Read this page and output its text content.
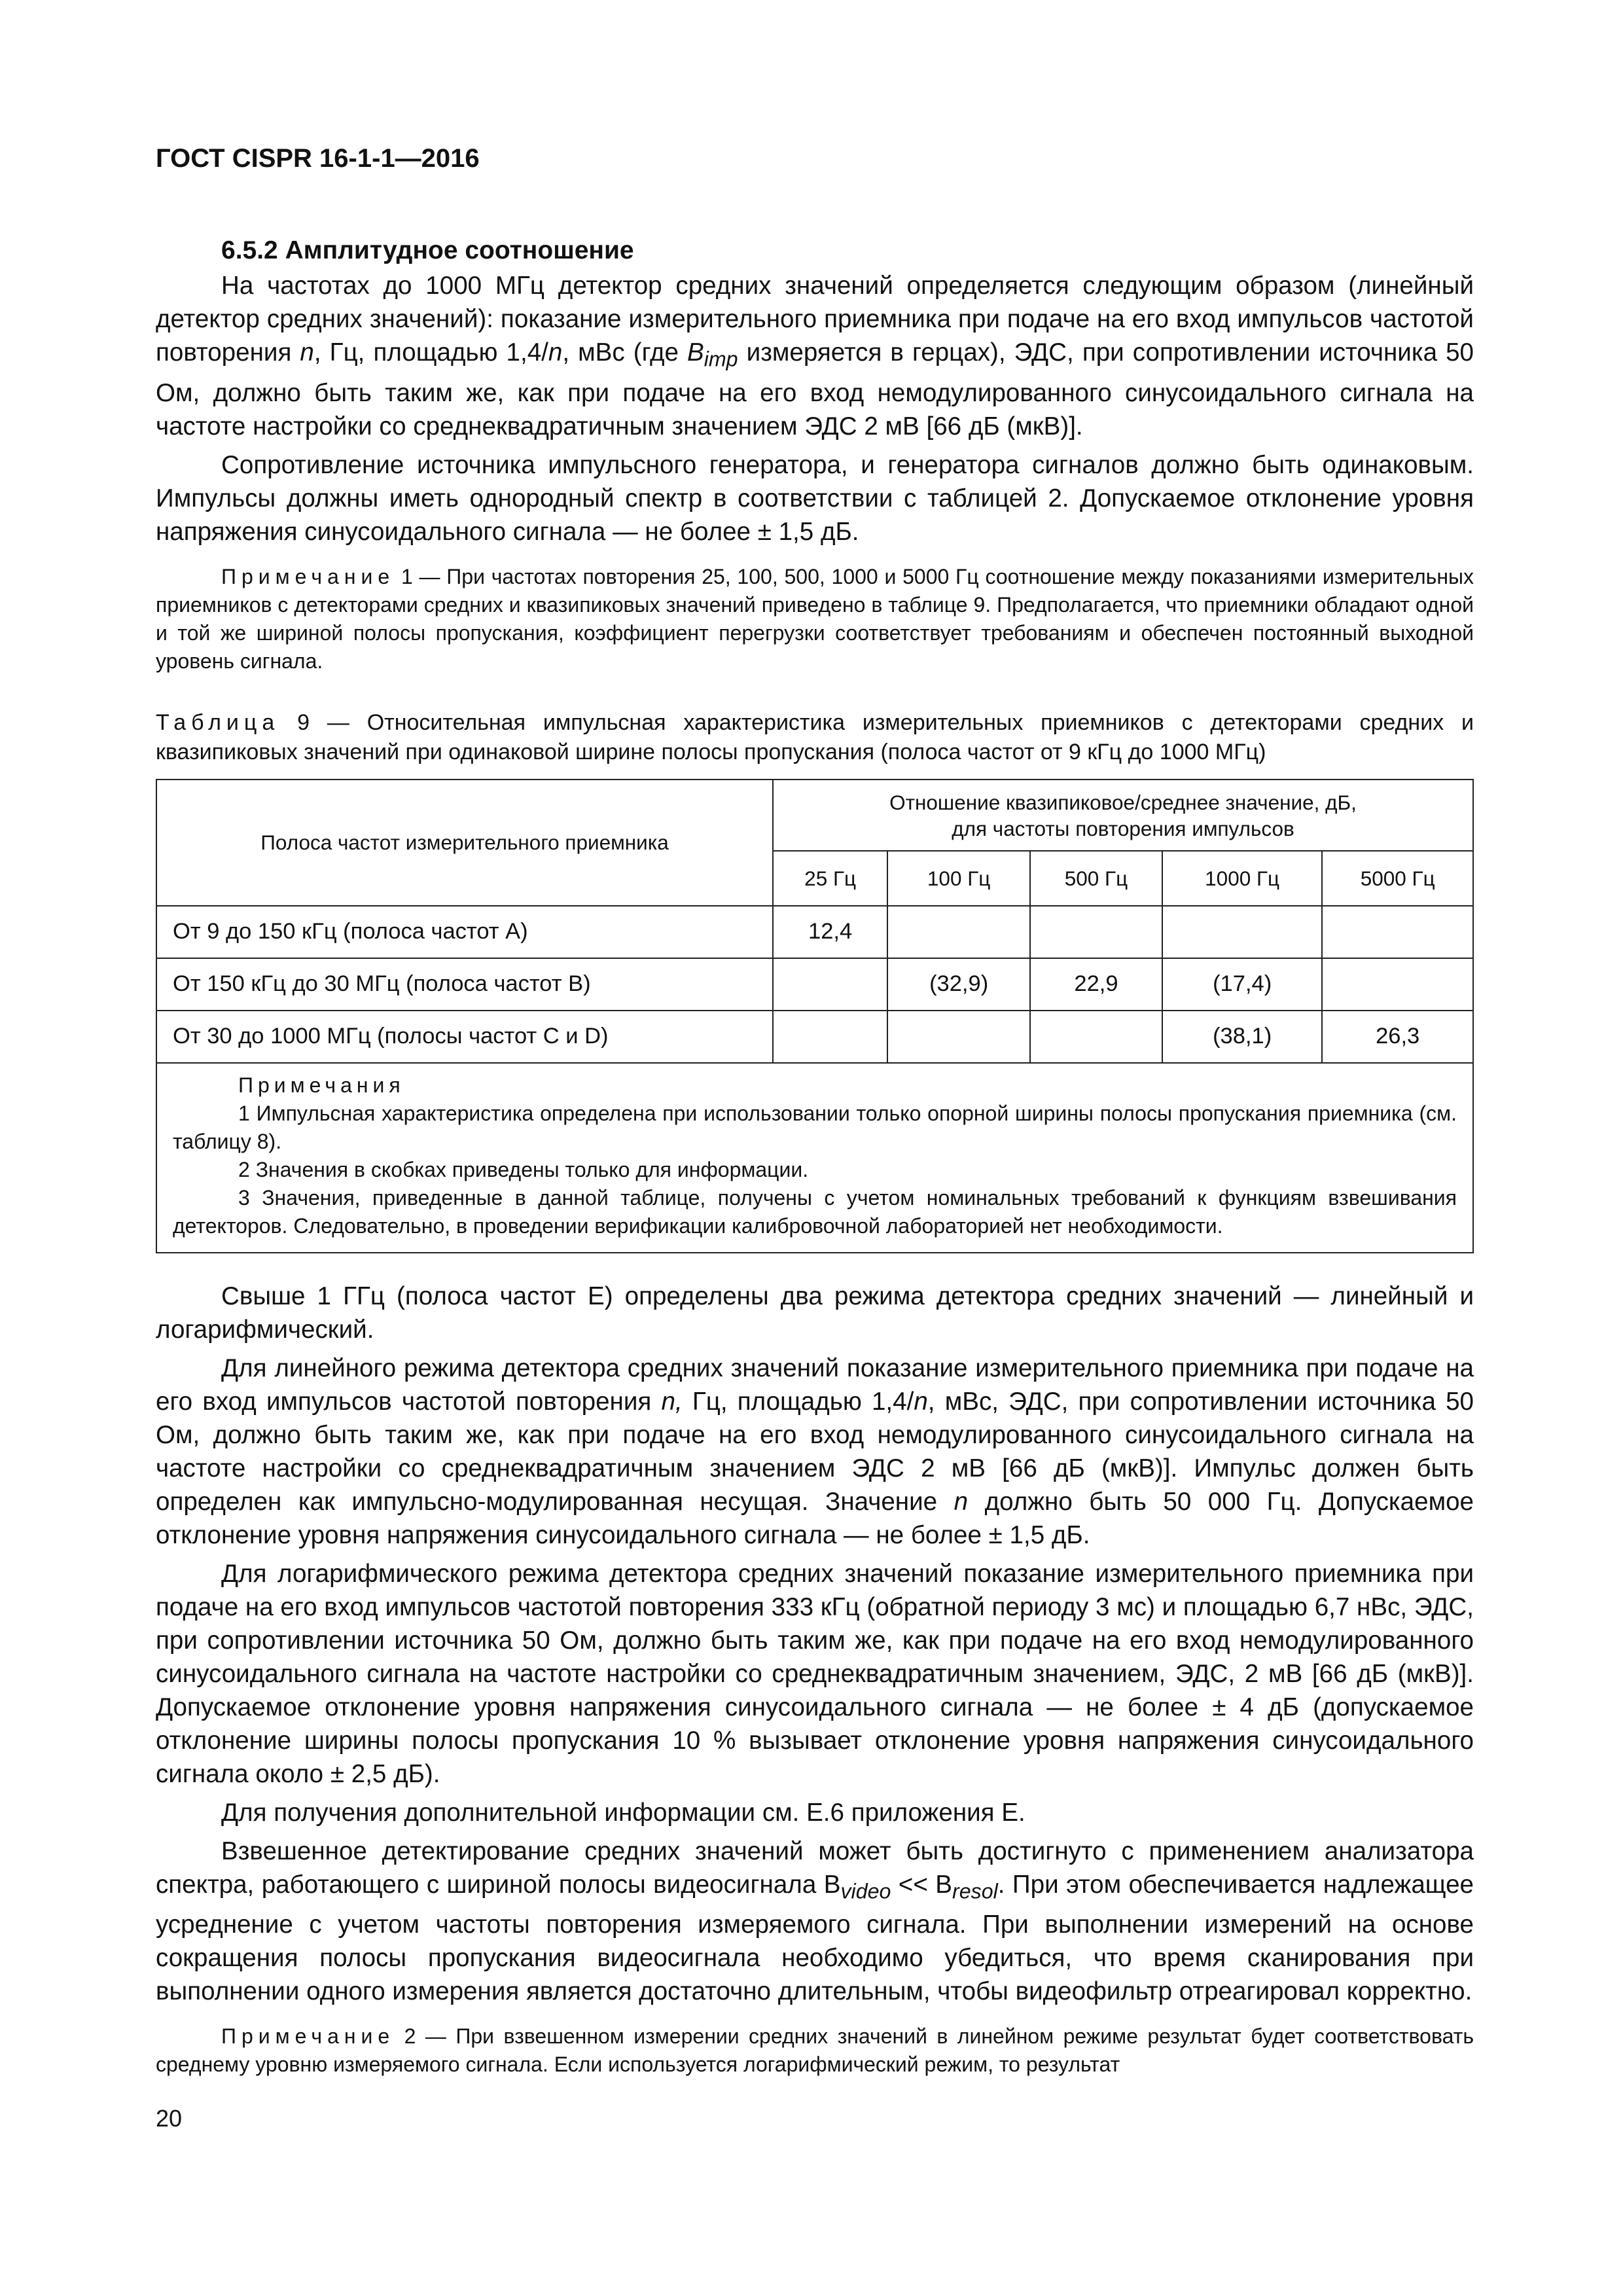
ГОСТ CISPR 16-1-1—2016
6.5.2 Амплитудное соотношение

На частотах до 1000 МГц детектор средних значений определяется следующим образом (линейный детектор средних значений): показание измерительного приемника при подаче на его вход импульсов частотой повторения n, Гц, площадью 1,4/n, мВс (где $B_{imp}$ измеряется в герцах), ЭДС, при сопротивлении источника 50 Ом, должно быть таким же, как при подаче на его вход немодулированного синусоидального сигнала на частоте настройки со среднеквадратичным значением ЭДС 2 мВ [66 дБ (мкВ)].

Сопротивление источника импульсного генератора, и генератора сигналов должно быть одинаковым. Импульсы должны иметь однородный спектр в соответствии с таблицей 2. Допускаемое отклонение уровня напряжения синусоидального сигнала — не более ± 1,5 дБ.

Примечание 1 — При частотах повторения 25, 100, 500, 1000 и 5000 Гц соотношение между показаниями измерительных приемников с детекторами средних и квазипиковых значений приведено в таблице 9. Предполагается, что приемники обладают одной и той же шириной полосы пропускания, коэффициент перегрузки соответствует требованиям и обеспечен постоянный выходной уровень сигнала.

Таблица 9 — Относительная импульсная характеристика измерительных приемников с детекторами средних и квазипиковых значений при одинаковой ширине полосы пропускания (полоса частот от 9 кГц до 1000 МГц)

Полоса частот измерительного приемника	Отношение квазипиковое/среднее значение, дБ,
для частоты повторения импульсов				
	25 Гц	100 Гц	500 Гц	1000 Гц	5000 Гц
От 9 до 150 кГц (полоса частот А)	12,4				
От 150 кГц до 30 МГц (полоса частот В)		(32,9)	22,9	(17,4)	
От 30 до 1000 МГц (полосы частот С и D)				(38,1)	26,3

Примечания
1 Импульсная характеристика определена при использовании только опорной ширины полосы пропускания приемника (см. таблицу 8).
2 Значения в скобках приведены только для информации.
3 Значения, приведенные в данной таблице, получены с учетом номинальных требований к функциям взвешивания детекторов. Следовательно, в проведении верификации калибровочной лабораторией нет необходимости.					

Свыше 1 ГГц (полоса частот Е) определены два режима детектора средних значений — линейный и логарифмический.

Для линейного режима детектора средних значений показание измерительного приемника при подаче на его вход импульсов частотой повторения n, Гц, площадью 1,4/n, мВс, ЭДС, при сопротивлении источника 50 Ом, должно быть таким же, как при подаче на его вход немодулированного синусоидального сигнала на частоте настройки со среднеквадратичным значением ЭДС 2 мВ [66 дБ (мкВ)]. Импульс должен быть определен как импульсно-модулированная несущая. Значение n должно быть 50 000 Гц. Допускаемое отклонение уровня напряжения синусоидального сигнала — не более ± 1,5 дБ.

Для логарифмического режима детектора средних значений показание измерительного приемника при подаче на его вход импульсов частотой повторения 333 кГц (обратной периоду 3 мс) и площадью 6,7 нВс, ЭДС, при сопротивлении источника 50 Ом, должно быть таким же, как при подаче на его вход немодулированного синусоидального сигнала на частоте настройки со среднеквадратичным значением, ЭДС, 2 мВ [66 дБ (мкВ)]. Допускаемое отклонение уровня напряжения синусоидального сигнала — не более ± 4 дБ (допускаемое отклонение ширины полосы пропускания 10 % вызывает отклонение уровня напряжения синусоидального сигнала около ± 2,5 дБ).

Для получения дополнительной информации см. Е.6 приложения Е.

Взвешенное детектирование средних значений может быть достигнуто с применением анализатора спектра, работающего с шириной полосы видеосигнала $B_{video} << B_{resol}$. При этом обеспечивается надлежащее усреднение с учетом частоты повторения измеряемого сигнала. При выполнении измерений на основе сокращения полосы пропускания видеосигнала необходимо убедиться, что время сканирования при выполнении одного измерения является достаточно длительным, чтобы видеофильтр отреагировал корректно.

Примечание 2 — При взвешенном измерении средних значений в линейном режиме результат будет соответствовать среднему уровню измеряемого сигнала. Если используется логарифмический режим, то результат

20
